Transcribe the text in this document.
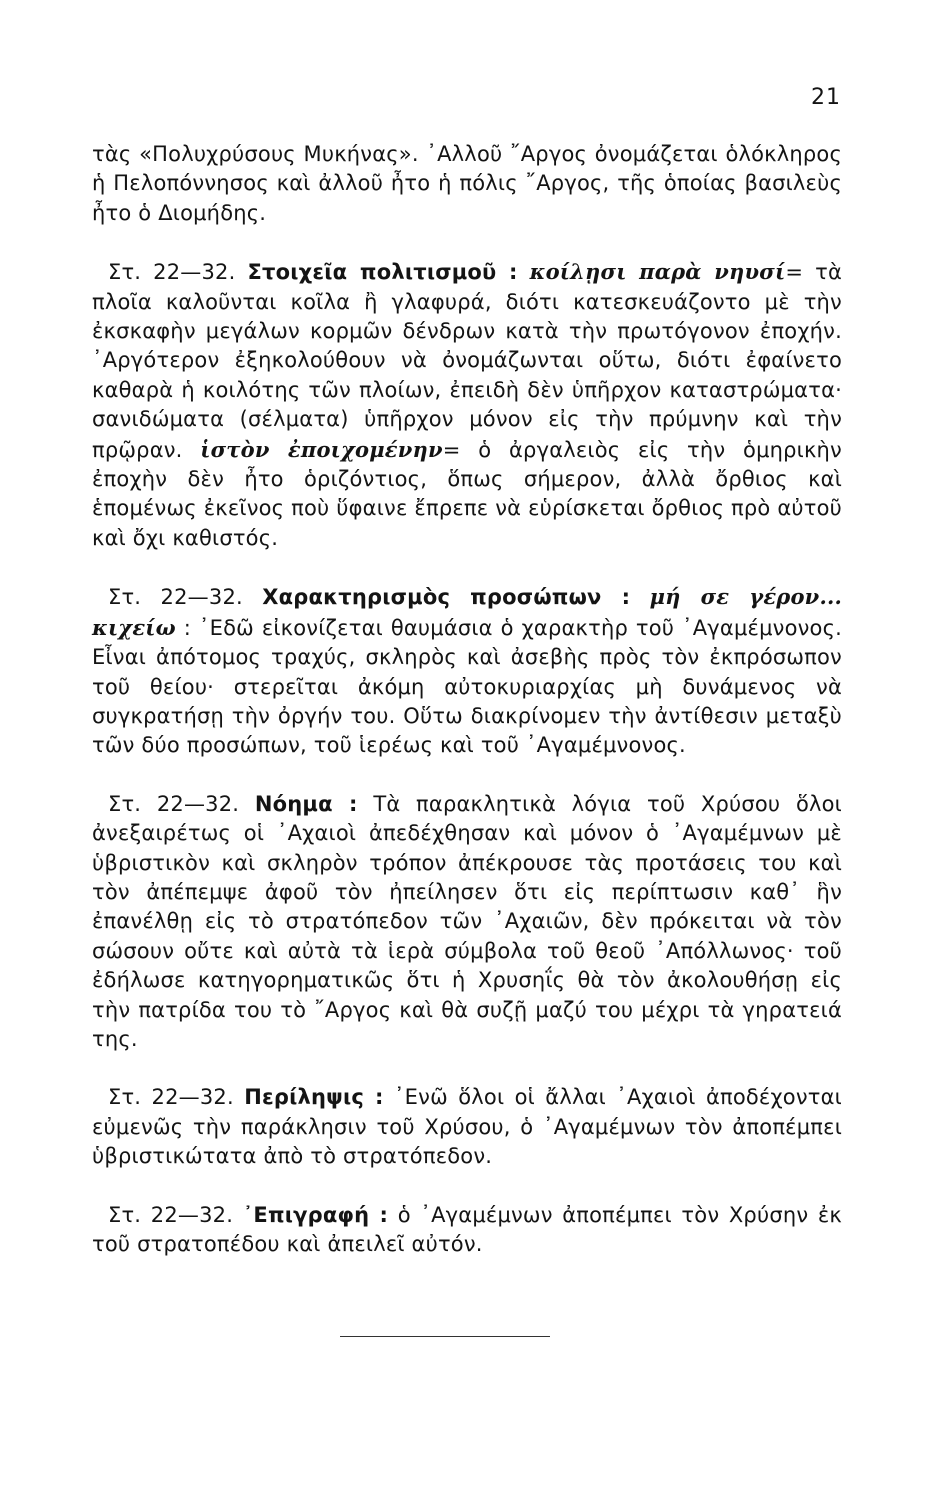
21

τὰς «Πολυχρύσους Μυκήνας». ᾿Αλλοῦ ῎Αργος ὀνομάζεται ὁλόκληρος ἡ Πελοπόννησος καὶ ἀλλοῦ ἦτο ἡ πόλις ῎Αργος, τῆς ὁποίας βασιλεὺς ἦτο ὁ Διομήδης.

Στ. 22—32. Στοιχεῖα πολιτισμοῦ : κοίλῃσι παρὰ νηυσί= τὰ πλοῖα καλοῦνται κοῖλα ἢ γλαφυρά, διότι κατεσκευάζοντο μὲ τὴν ἐκσκαφὴν μεγάλων κορμῶν δένδρων κατὰ τὴν πρωτόγονον ἐποχήν. ᾿Αργότερον ἐξηκολούθουν νὰ ὀνομάζωνται οὕτω, διότι ἐφαίνετο καθαρὰ ἡ κοιλότης τῶν πλοίων, ἐπειδὴ δὲν ὑπῆρχον καταστρώματα· σανιδώματα (σέλματα) ὑπῆρχον μόνον εἰς τὴν πρύμνην καὶ τὴν πρῷραν. ἱστὸν ἐποιχομένην= ὁ ἀργαλειὸς εἰς τὴν ὁμηρικὴν ἐποχὴν δὲν ἦτο ὁριζόντιος, ὅπως σήμερον, ἀλλὰ ὄρθιος καὶ ἑπομένως ἐκεῖνος ποὺ ὕφαινε ἔπρεπε νὰ εὑρίσκεται ὄρθιος πρὸ αὐτοῦ καὶ ὄχι καθιστός.

Στ. 22—32. Χαρακτηρισμὸς προσώπων : μή σε γέρον... κιχείω : ᾿Εδῶ εἰκονίζεται θαυμάσια ὁ χαρακτὴρ τοῦ ᾿Αγαμέμνονος. Εἶναι ἀπότομος τραχύς, σκληρὸς καὶ ἀσεβὴς πρὸς τὸν ἐκπρόσωπον τοῦ θείου· στερεῖται ἀκόμη αὐτοκυριαρχίας μὴ δυνάμενος νὰ συγκρατήσῃ τὴν ὀργήν του. Οὕτω διακρίνομεν τὴν ἀντίθεσιν μεταξὺ τῶν δύο προσώπων, τοῦ ἱερέως καὶ τοῦ ᾿Αγαμέμνονος.

Στ. 22—32. Νόημα : Τὰ παρακλητικὰ λόγια τοῦ Χρύσου ὅλοι ἀνεξαιρέτως οἱ ᾿Αχαιοὶ ἀπεδέχθησαν καὶ μόνον ὁ ᾿Αγαμέμνων μὲ ὑβριστικὸν καὶ σκληρὸν τρόπον ἀπέκρουσε τὰς προτάσεις του καὶ τὸν ἀπέπεμψε ἀφοῦ τὸν ἠπείλησεν ὅτι εἰς περίπτωσιν καθ᾿ ἣν ἐπανέλθῃ εἰς τὸ στρατόπεδον τῶν ᾿Αχαιῶν, δὲν πρόκειται νὰ τὸν σώσουν οὔτε καὶ αὐτὰ τὰ ἱερὰ σύμβολα τοῦ θεοῦ ᾿Απόλλωνος· τοῦ ἐδήλωσε κατηγορηματικῶς ὅτι ἡ Χρυσηΐς θὰ τὸν ἀκολουθήσῃ εἰς τὴν πατρίδα του τὸ ῎Αργος καὶ θὰ συζῇ μαζύ του μέχρι τὰ γηρατειά της.

Στ. 22—32. Περίληψις : ᾿Ενῶ ὅλοι οἱ ἄλλαι ᾿Αχαιοὶ ἀποδέχονται εὐμενῶς τὴν παράκλησιν τοῦ Χρύσου, ὁ ᾿Αγαμέμνων τὸν ἀποπέμπει ὑβριστικώτατα ἀπὸ τὸ στρατόπεδον.

Στ. 22—32. ᾿Επιγραφή : ὁ ᾿Αγαμέμνων ἀποπέμπει τὸν Χρύσην ἐκ τοῦ στρατοπέδου καὶ ἀπειλεῖ αὐτόν.
